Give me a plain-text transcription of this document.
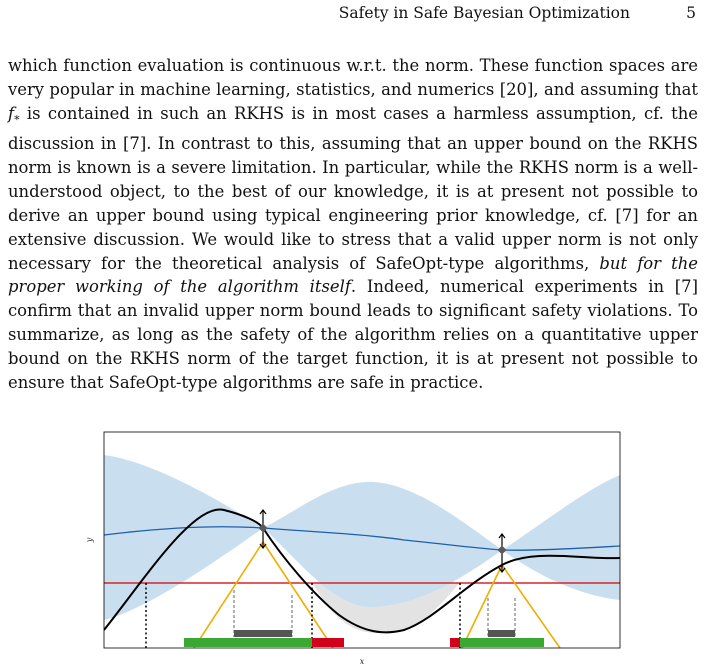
Safety in Safe Bayesian Optimization	5

which function evaluation is continuous w.r.t. the norm. These function spaces are very popular in machine learning, statistics, and numerics [20], and assuming that $f_*$ is contained in such an RKHS is in most cases a harmless assumption, cf. the discussion in [7]. In contrast to this, assuming that an upper bound on the RKHS norm is known is a severe limitation. In particular, while the RKHS norm is a well-understood object, to the best of our knowledge, it is at present not possible to derive an upper bound using typical engineering prior knowledge, cf. [7] for an extensive discussion. We would like to stress that a valid upper norm is not only necessary for the theoretical analysis of SafeOpt-type algorithms, but for the proper working of the algorithm itself. Indeed, numerical experiments in [7] confirm that an invalid upper norm bound leads to significant safety violations. To summarize, as long as the safety of the algorithm relies on a quantitative upper bound on the RKHS norm of the target function, it is at present not possible to ensure that SafeOpt-type algorithms are safe in practice.

x
y
